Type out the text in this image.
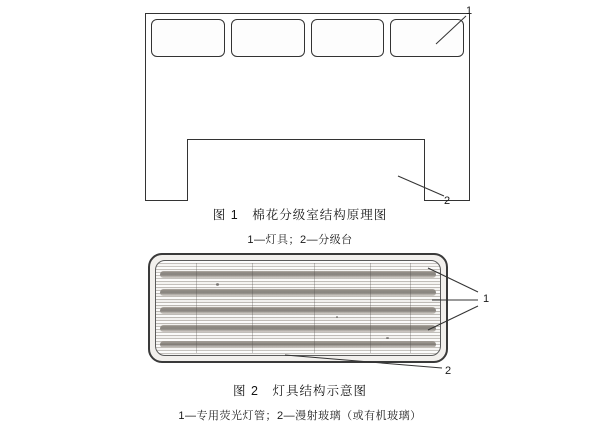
1
2
图 1　棉花分级室结构原理图
1—灯具；2—分级台
1
2
图 2　灯具结构示意图
1—专用荧光灯管；2—漫射玻璃（或有机玻璃）
